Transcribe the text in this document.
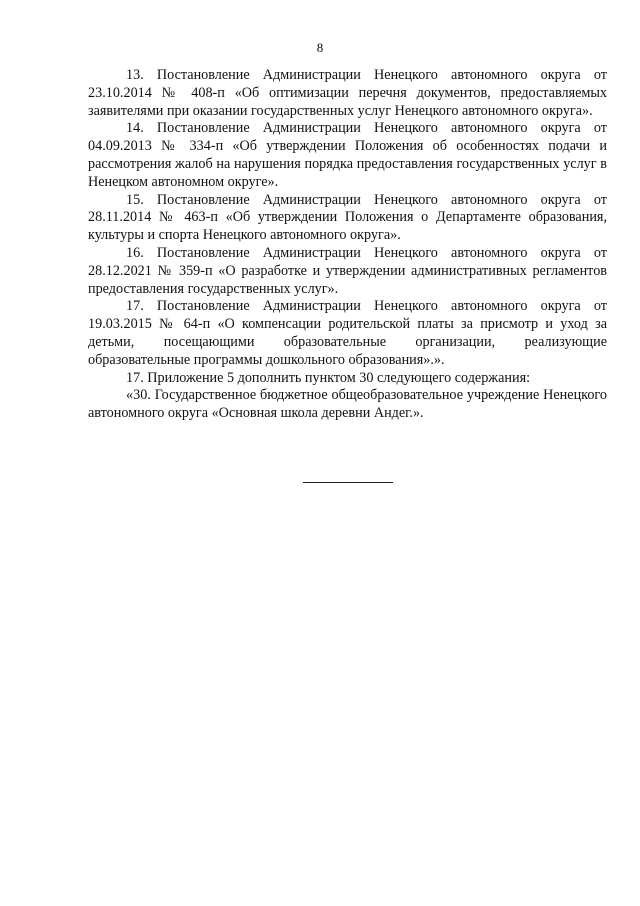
8

13. Постановление Администрации Ненецкого автономного округа от 23.10.2014 № 408-п «Об оптимизации перечня документов, предоставляемых заявителями при оказании государственных услуг Ненецкого автономного округа».

14. Постановление Администрации Ненецкого автономного округа от 04.09.2013 № 334-п «Об утверждении Положения об особенностях подачи и рассмотрения жалоб на нарушения порядка предоставления государственных услуг в Ненецком автономном округе».

15. Постановление Администрации Ненецкого автономного округа от 28.11.2014 № 463-п «Об утверждении Положения о Департаменте образования, культуры и спорта Ненецкого автономного округа».

16. Постановление Администрации Ненецкого автономного округа от 28.12.2021 № 359-п «О разработке и утверждении административных регламентов предоставления государственных услуг».

17. Постановление Администрации Ненецкого автономного округа от 19.03.2015 № 64-п «О компенсации родительской платы за присмотр и уход за детьми, посещающими образовательные организации, реализующие образовательные программы дошкольного образования».».

17. Приложение 5 дополнить пунктом 30 следующего содержания:

«30. Государственное бюджетное общеобразовательное учреждение Ненецкого автономного округа «Основная школа деревни Андег.».
